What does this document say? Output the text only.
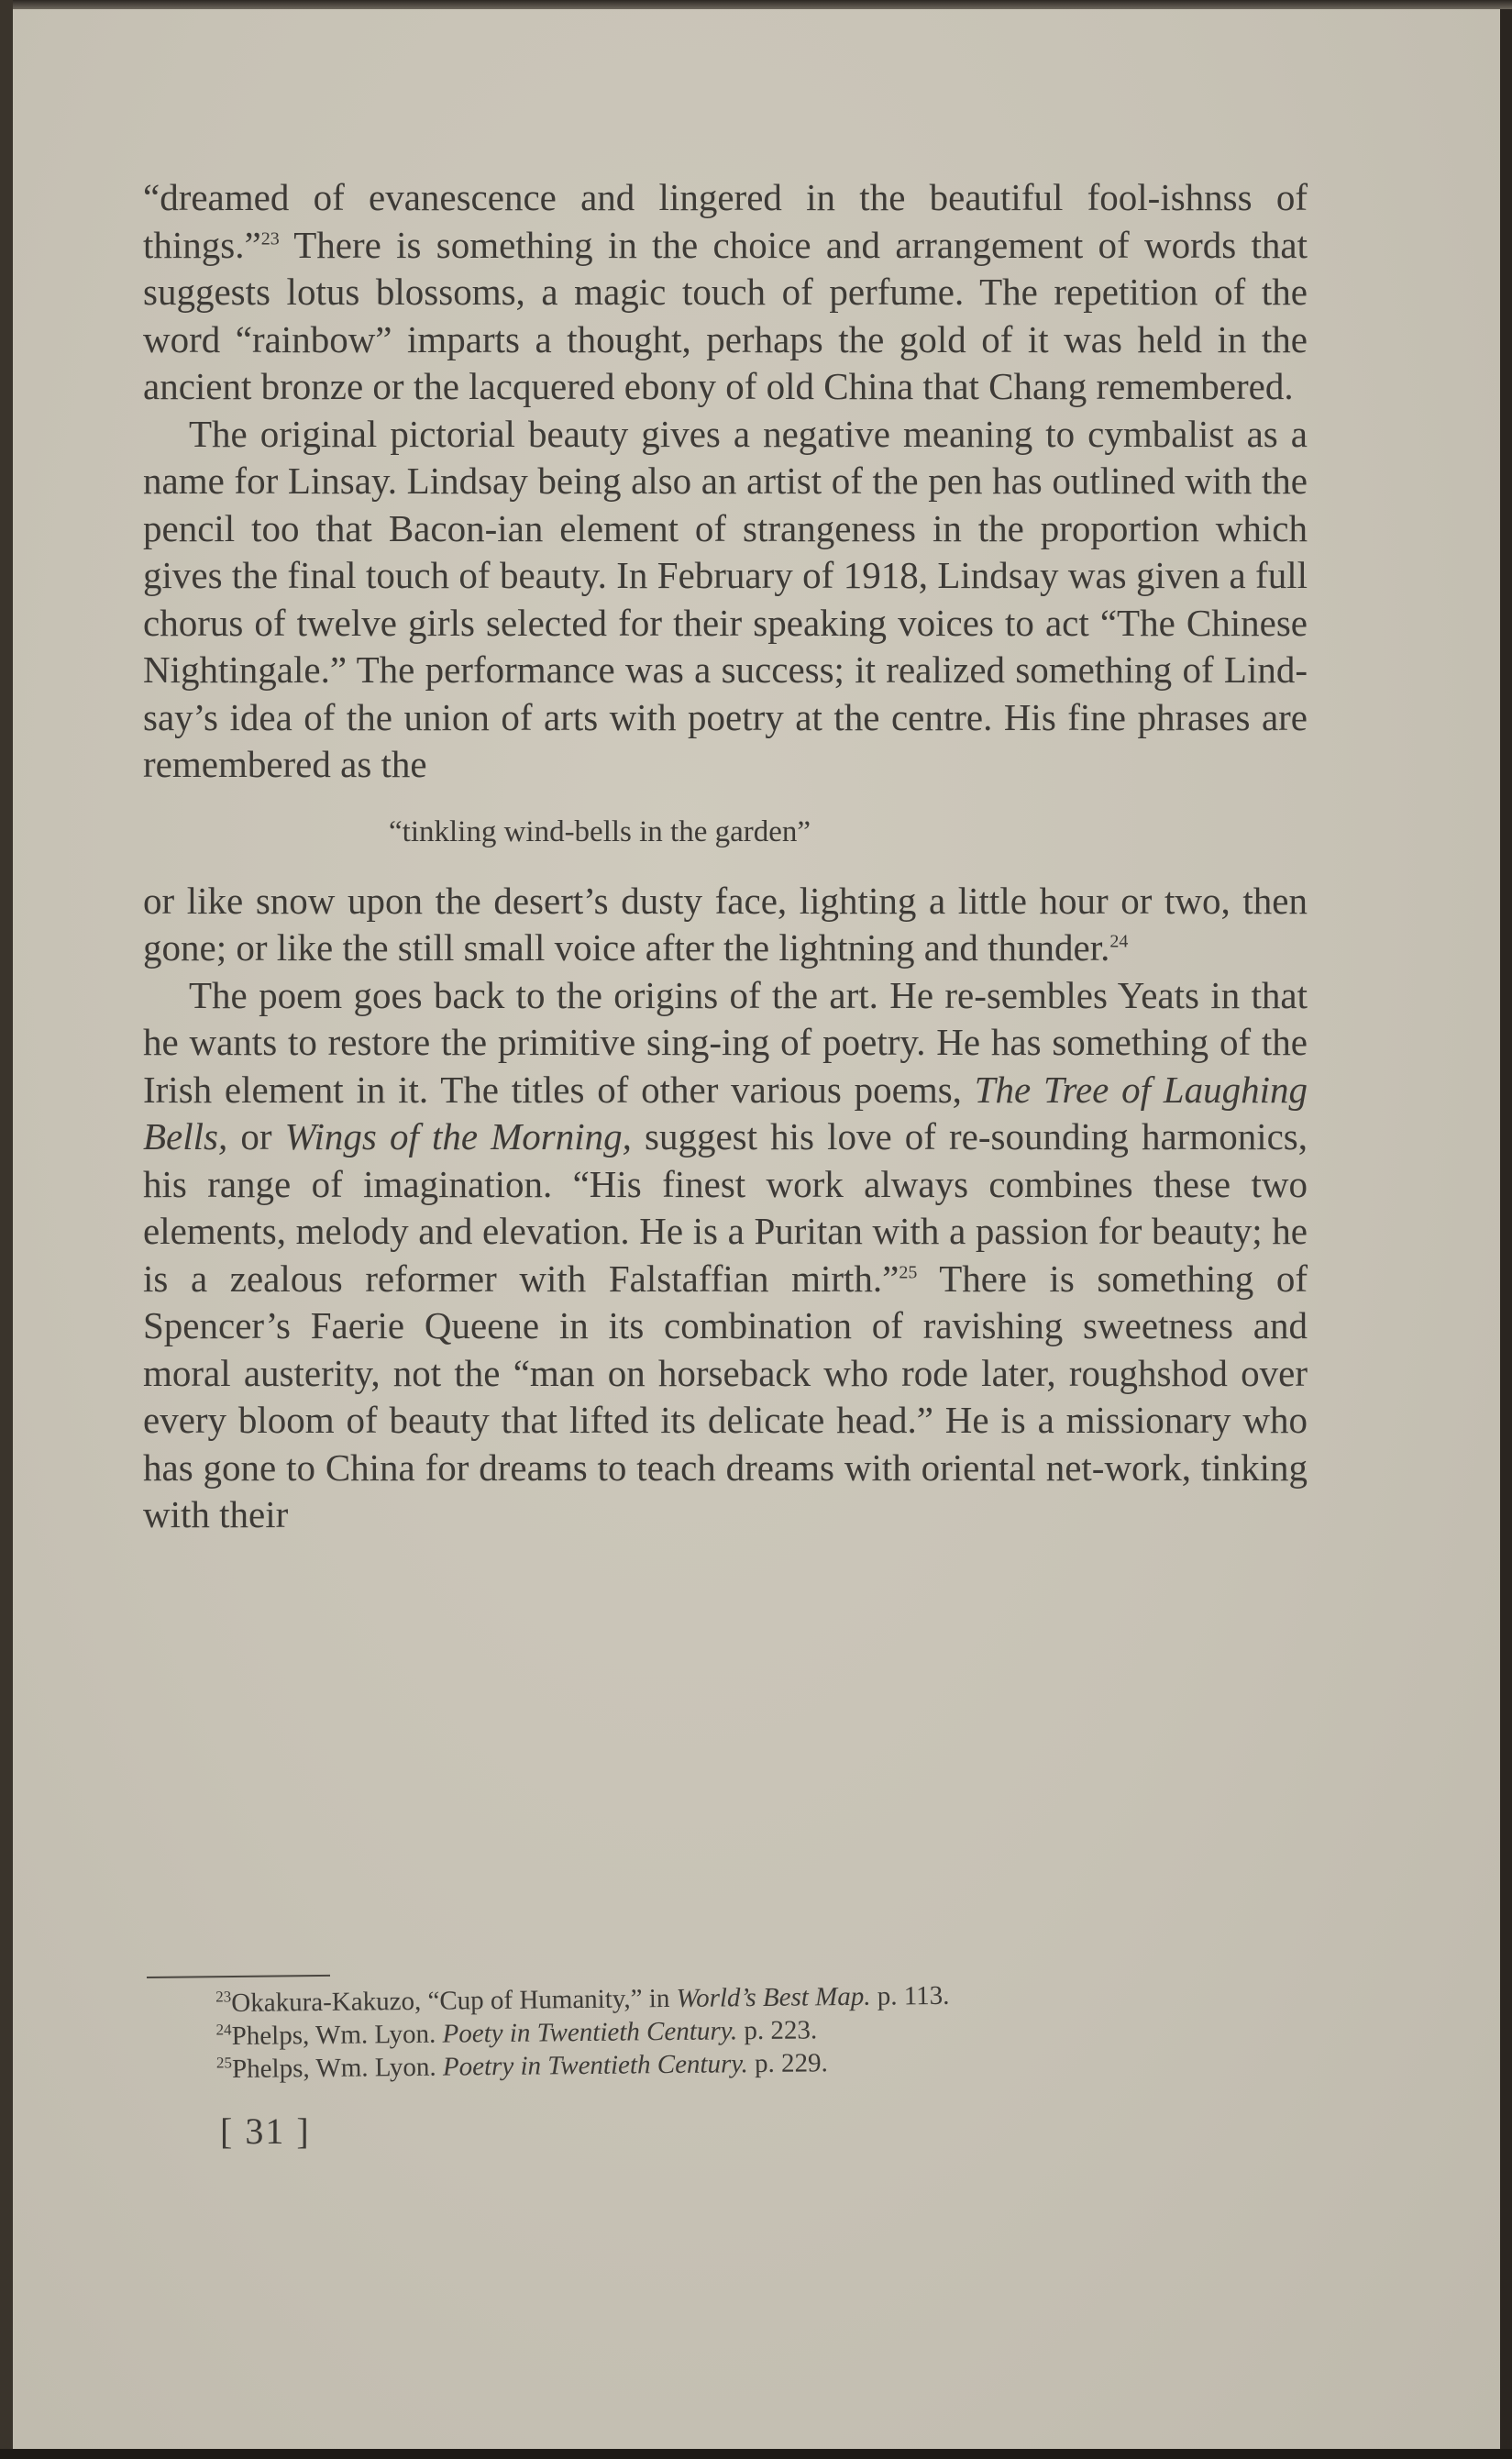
“dreamed of evanescence and lingered in the beautiful fool-ishnss of things.”$^{23}$ There is something in the choice and arrangement of words that suggests lotus blossoms, a magic touch of perfume. The repetition of the word “rainbow” imparts a thought, perhaps the gold of it was held in the ancient bronze or the lacquered ebony of old China that Chang remembered.

The original pictorial beauty gives a negative meaning to cymbalist as a name for Linsay. Lindsay being also an artist of the pen has outlined with the pencil too that Bacon-ian element of strangeness in the proportion which gives the final touch of beauty. In February of 1918, Lindsay was given a full chorus of twelve girls selected for their speaking voices to act “The Chinese Nightingale.” The performance was a success; it realized something of Lind-say’s idea of the union of arts with poetry at the centre. His fine phrases are remembered as the

“tinkling wind-bells in the garden”

or like snow upon the desert’s dusty face, lighting a little hour or two, then gone; or like the still small voice after the lightning and thunder.$^{24}$

The poem goes back to the origins of the art. He re-sembles Yeats in that he wants to restore the primitive sing-ing of poetry. He has something of the Irish element in it. The titles of other various poems, The Tree of Laughing Bells, or Wings of the Morning, suggest his love of re-sounding harmonics, his range of imagination. “His finest work always combines these two elements, melody and elevation. He is a Puritan with a passion for beauty; he is a zealous reformer with Falstaffian mirth.”$^{25}$ There is something of Spencer’s Faerie Queene in its combination of ravishing sweetness and moral austerity, not the “man on horseback who rode later, roughshod over every bloom of beauty that lifted its delicate head.” He is a missionary who has gone to China for dreams to teach dreams with oriental net-work, tinking with their

$^{23}$Okakura-Kakuzo, “Cup of Humanity,” in World’s Best Map. p. 113.

$^{24}$Phelps, Wm. Lyon. Poety in Twentieth Century. p. 223.

$^{25}$Phelps, Wm. Lyon. Poetry in Twentieth Century. p. 229.

[ 31 ]
